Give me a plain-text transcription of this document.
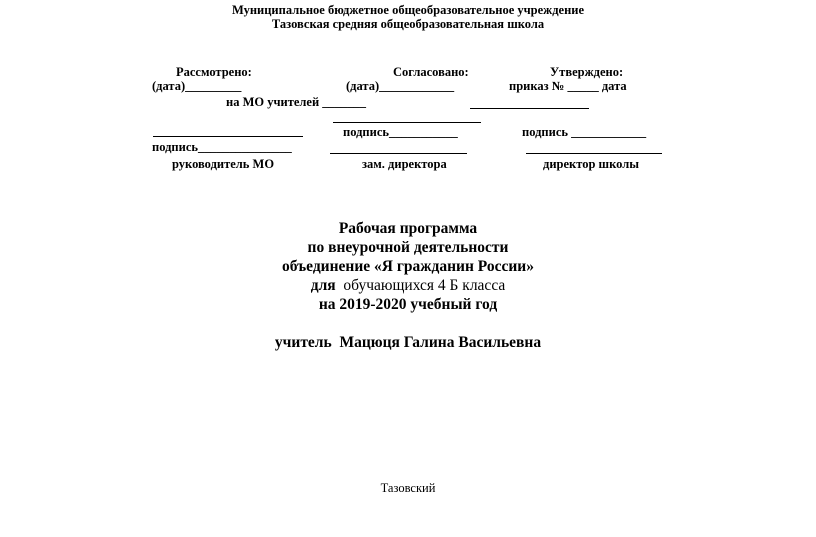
Муниципальное бюджетное общеобразовательное учреждение
Тазовская средняя общеобразовательная школа
Рассмотрено:
(дата)_________
на МО учителей _______
подпись_______________
руководитель МО
Согласовано:
(дата)____________
подпись___________
зам. директора
Утверждено:
приказ № _____ дата
подпись ____________
директор школы
Рабочая программа
по внеурочной деятельности
объединение «Я гражданин России»
для обучающихся 4 Б класса
на 2019-2020 учебный год
учитель  Мацюця Галина Васильевна
Тазовский
